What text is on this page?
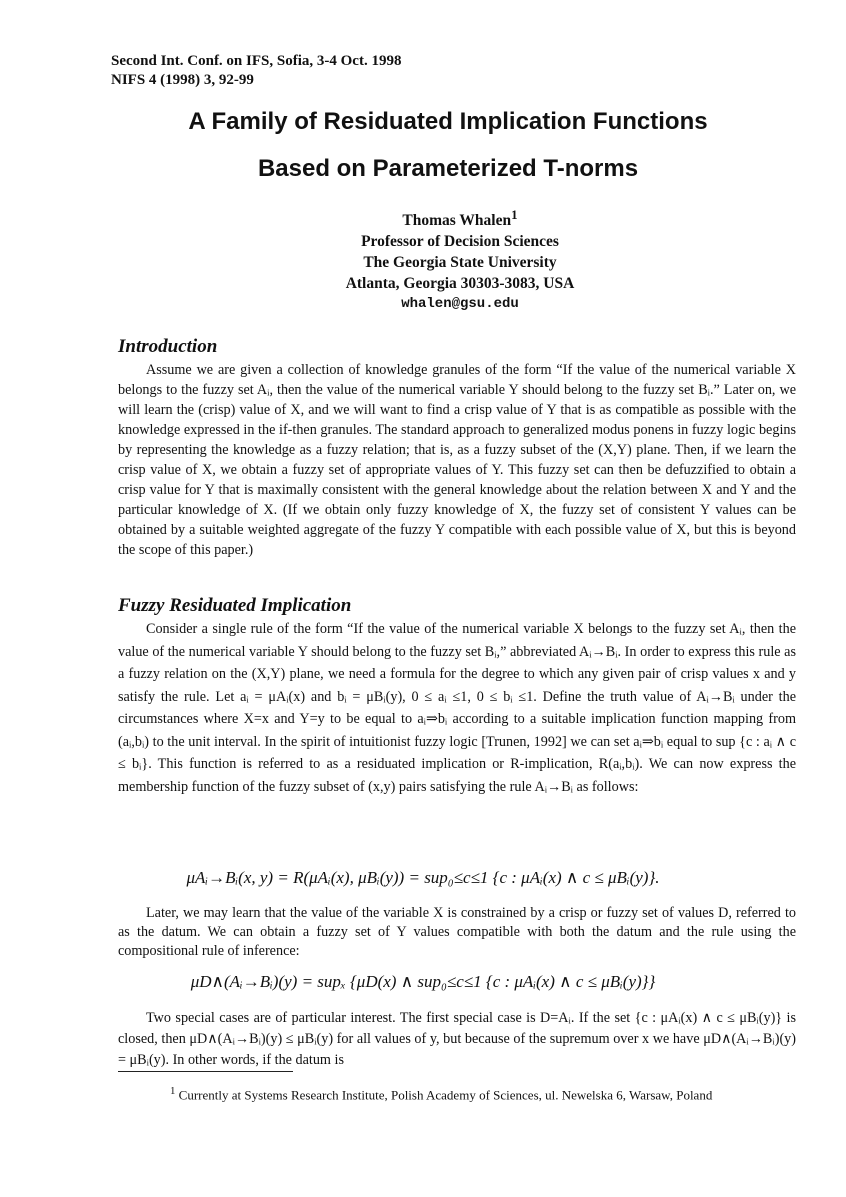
Second Int. Conf. on IFS, Sofia, 3-4 Oct. 1998
NIFS 4 (1998) 3, 92-99
A Family of Residuated Implication Functions
Based on Parameterized T-norms
Thomas Whalen$^1$
Professor of Decision Sciences
The Georgia State University
Atlanta, Georgia 30303-3083, USA
whalen@gsu.edu
Introduction
Assume we are given a collection of knowledge granules of the form “If the value of the numerical variable X belongs to the fuzzy set Aᵢ, then the value of the numerical variable Y should belong to the fuzzy set Bᵢ.” Later on, we will learn the (crisp) value of X, and we will want to find a crisp value of Y that is as compatible as possible with the knowledge expressed in the if-then granules. The standard approach to generalized modus ponens in fuzzy logic begins by representing the knowledge as a fuzzy relation; that is, as a fuzzy subset of the (X,Y) plane. Then, if we learn the crisp value of X, we obtain a fuzzy set of appropriate values of Y. This fuzzy set can then be defuzzified to obtain a crisp value for Y that is maximally consistent with the general knowledge about the relation between X and Y and the particular knowledge of X. (If we obtain only fuzzy knowledge of X, the fuzzy set of consistent Y values can be obtained by a suitable weighted aggregate of the fuzzy Y compatible with each possible value of X, but this is beyond the scope of this paper.)
Fuzzy Residuated Implication
Consider a single rule of the form “If the value of the numerical variable X belongs to the fuzzy set Aᵢ, then the value of the numerical variable Y should belong to the fuzzy set Bᵢ,” abbreviated Aᵢ→Bᵢ. In order to express this rule as a fuzzy relation on the (X,Y) plane, we need a formula for the degree to which any given pair of crisp values x and y satisfy the rule. Let aᵢ = μAᵢ(x) and bᵢ = μBᵢ(y), 0 ≤ aᵢ ≤1, 0 ≤ bᵢ ≤1. Define the truth value of Aᵢ→Bᵢ under the circumstances where X=x and Y=y to be equal to aᵢ⇒bᵢ according to a suitable implication function mapping from (aᵢ,bᵢ) to the unit interval. In the spirit of intuitionist fuzzy logic [Trunen, 1992] we can set aᵢ⇒bᵢ equal to sup {c : aᵢ ∧ c ≤ bᵢ}. This function is referred to as a residuated implication or R-implication, R(aᵢ,bᵢ). We can now express the membership function of the fuzzy subset of (x,y) pairs satisfying the rule Aᵢ→Bᵢ as follows:
μAᵢ→Bᵢ(x, y) = R(μAᵢ(x), μBᵢ(y)) = sup₀≤c≤1 {c : μAᵢ(x) ∧ c ≤ μBᵢ(y)}.
Later, we may learn that the value of the variable X is constrained by a crisp or fuzzy set of values D, referred to as the datum. We can obtain a fuzzy set of Y values compatible with both the datum and the rule using the compositional rule of inference:
μD∧(Aᵢ→Bᵢ)(y) = supₓ {μD(x) ∧ sup₀≤c≤1 {c : μAᵢ(x) ∧ c ≤ μBᵢ(y)}}
Two special cases are of particular interest. The first special case is D=Aᵢ. If the set {c : μAᵢ(x) ∧ c ≤ μBᵢ(y)} is closed, then μD∧(Aᵢ→Bᵢ)(y) ≤ μBᵢ(y) for all values of y, but because of the supremum over x we have μD∧(Aᵢ→Bᵢ)(y) = μBᵢ(y). In other words, if the datum is
$^1$ Currently at Systems Research Institute, Polish Academy of Sciences, ul. Newelska 6, Warsaw, Poland
